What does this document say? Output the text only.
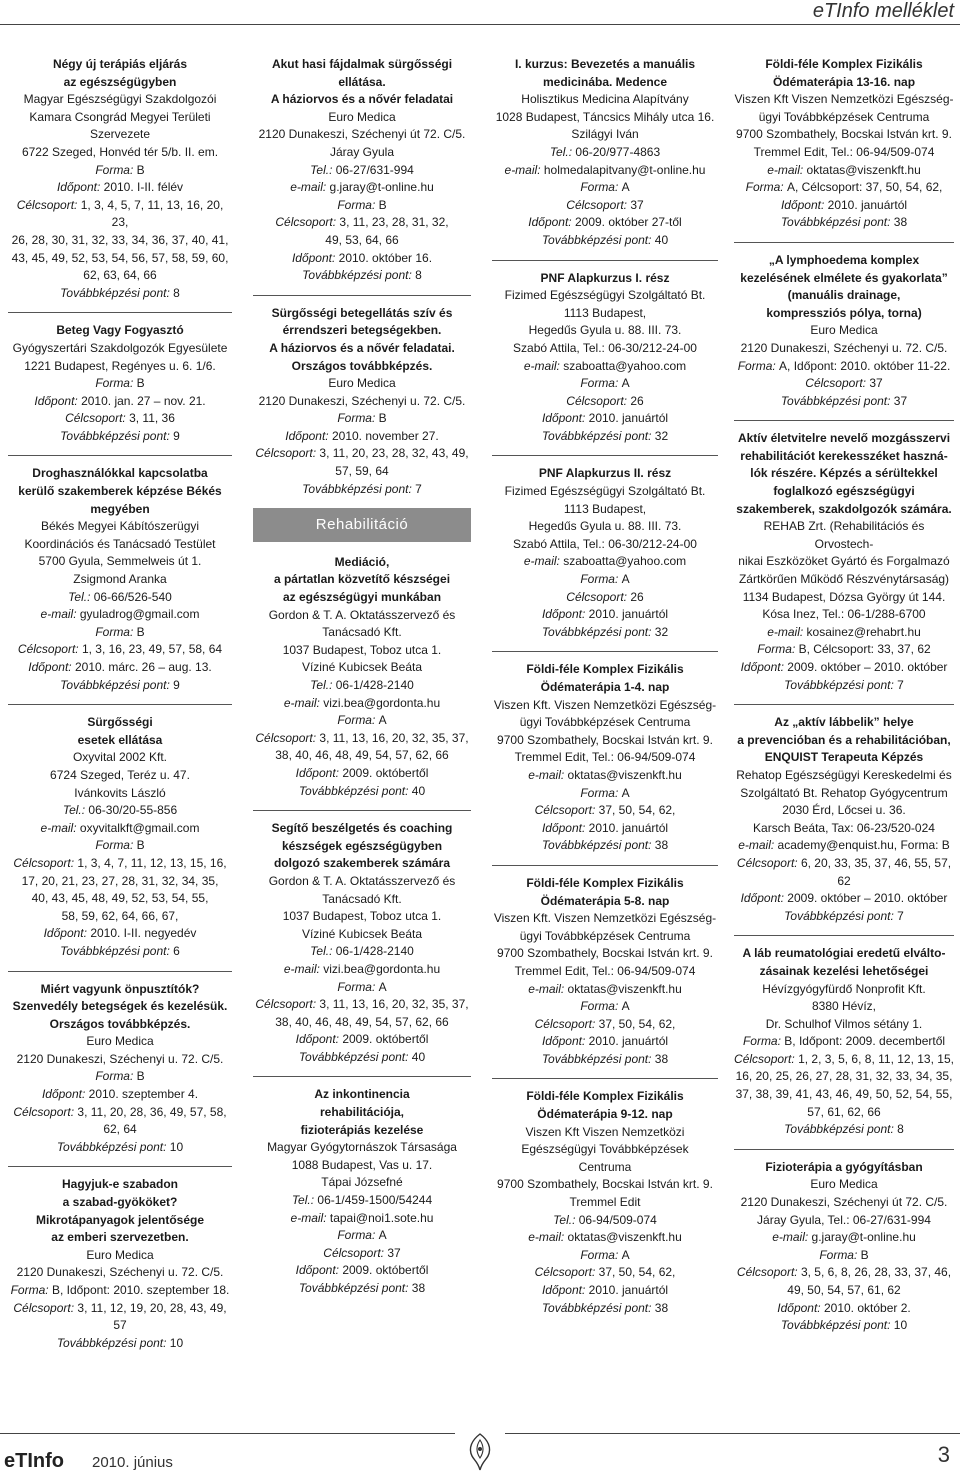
eTInfo melléklet
Négy új terápiás eljárás
az egészségügyben
Magyar Egészségügyi Szakdolgozói
Kamara Csongrád Megyei Területi
Szervezete
6722 Szeged, Honvéd tér 5/b. II. em.
Forma: B
Időpont: 2010. I-II. félév
Célcsoport: 1, 3, 4, 5, 7, 11, 13, 16, 20, 23,
26, 28, 30, 31, 32, 33, 34, 36, 37, 40, 41,
43, 45, 49, 52, 53, 54, 56, 57, 58, 59, 60,
62, 63, 64, 66
Továbbképzési pont: 8
Beteg Vagy Fogyasztó
Gyógyszertári Szakdolgozók Egyesülete
1221 Budapest, Regényes u. 6. 1/6.
Forma: B
Időpont: 2010. jan. 27 – nov. 21.
Célcsoport: 3, 11, 36
Továbbképzési pont: 9
Droghasználókkal kapcsolatba
kerülő szakemberek képzése Békés
megyében
Békés Megyei Kábítószerügyi
Koordinációs és Tanácsadó Testület
5700 Gyula, Semmelweis út 1.
Zsigmond Aranka
Tel.: 06-66/526-540
e-mail: gyuladrog@gmail.com
Forma: B
Célcsoport: 1, 3, 16, 23, 49, 57, 58, 64
Időpont: 2010. márc. 26 – aug. 13.
Továbbképzési pont: 9
Sürgősségi
esetek ellátása
Oxyvital 2002 Kft.
6724 Szeged, Teréz u. 47.
Ivánkovits László
Tel.: 06-30/20-55-856
e-mail: oxyvitalkft@gmail.com
Forma: B
Célcsoport: 1, 3, 4, 7, 11, 12, 13, 15, 16,
17, 20, 21, 23, 27, 28, 31, 32, 34, 35,
40, 43, 45, 48, 49, 52, 53, 54, 55,
58, 59, 62, 64, 66, 67,
Időpont: 2010. I-II. negyedév
Továbbképzési pont: 6
Miért vagyunk önpusztítók?
Szenvedély betegségek és kezelésük.
Országos továbbképzés.
Euro Medica
2120 Dunakeszi, Széchenyi u. 72. C/5.
Forma: B
Időpont: 2010. szeptember 4.
Célcsoport: 3, 11, 20, 28, 36, 49, 57, 58,
62, 64
Továbbképzési pont: 10
Hagyjuk-e szabadon
a szabad-gyököket?
Mikrotápanyagok jelentősége
az emberi szervezetben.
Euro Medica
2120 Dunakeszi, Széchenyi u. 72. C/5.
Forma: B, Időpont: 2010. szeptember 18.
Célcsoport: 3, 11, 12, 19, 20, 28, 43, 49, 57
Továbbképzési pont: 10
Akut hasi fájdalmak sürgősségi
ellátása.
A háziorvos és a nővér feladatai
Euro Medica
2120 Dunakeszi, Széchenyi út 72. C/5.
Járay Gyula
Tel.: 06-27/631-994
e-mail: g.jaray@t-online.hu
Forma: B
Célcsoport: 3, 11, 23, 28, 31, 32,
49, 53, 64, 66
Időpont: 2010. október 16.
Továbbképzési pont: 8
Sürgősségi betegellátás szív és
érrendszeri betegségekben.
A háziorvos és a nővér feladatai.
Országos továbbképzés.
Euro Medica
2120 Dunakeszi, Széchenyi u. 72. C/5.
Forma: B
Időpont: 2010. november 27.
Célcsoport: 3, 11, 20, 23, 28, 32, 43, 49,
57, 59, 64
Továbbképzési pont: 7
Rehabilitáció
Mediáció,
a pártatlan közvetítő készségei
az egészségügyi munkában
Gordon & T. A. Oktatásszervező és
Tanácsadó Kft.
1037 Budapest, Toboz utca 1.
Víziné Kubicsek Beáta
Tel.: 06-1/428-2140
e-mail: vizi.bea@gordonta.hu
Forma: A
Célcsoport: 3, 11, 13, 16, 20, 32, 35, 37,
38, 40, 46, 48, 49, 54, 57, 62, 66
Időpont: 2009. októbertől
Továbbképzési pont: 40
Segítő beszélgetés és coaching
készségek egészségügyben
dolgozó szakemberek számára
Gordon & T. A. Oktatásszervező és
Tanácsadó Kft.
1037 Budapest, Toboz utca 1.
Víziné Kubicsek Beáta
Tel.: 06-1/428-2140
e-mail: vizi.bea@gordonta.hu
Forma: A
Célcsoport: 3, 11, 13, 16, 20, 32, 35, 37,
38, 40, 46, 48, 49, 54, 57, 62, 66
Időpont: 2009. októbertől
Továbbképzési pont: 40
Az inkontinencia
rehabilitációja,
fizioterápiás kezelése
Magyar Gyógytornászok Társasága
1088 Budapest, Vas u. 17.
Tápai Józsefné
Tel.: 06-1/459-1500/54244
e-mail: tapai@noi1.sote.hu
Forma: A
Célcsoport: 37
Időpont: 2009. októbertől
Továbbképzési pont: 38
I. kurzus: Bevezetés a manuális
medicinába. Medence
Holisztikus Medicina Alapítvány
1028 Budapest, Táncsics Mihály utca 16.
Szilágyi Iván
Tel.: 06-20/977-4863
e-mail: holmedalapitvany@t-online.hu
Forma: A
Célcsoport: 37
Időpont: 2009. október 27-től
Továbbképzési pont: 40
PNF Alapkurzus I. rész
Fizimed Egészségügyi Szolgáltató Bt.
1113 Budapest,
Hegedűs Gyula u. 88. III. 73.
Szabó Attila, Tel.: 06-30/212-24-00
e-mail: szaboatta@yahoo.com
Forma: A
Célcsoport: 26
Időpont: 2010. januártól
Továbbképzési pont: 32
PNF Alapkurzus II. rész
Fizimed Egészségügyi Szolgáltató Bt.
1113 Budapest,
Hegedűs Gyula u. 88. III. 73.
Szabó Attila, Tel.: 06-30/212-24-00
e-mail: szaboatta@yahoo.com
Forma: A
Célcsoport: 26
Időpont: 2010. januártól
Továbbképzési pont: 32
Földi-féle Komplex Fizikális
Ödématerápia 1-4. nap
Viszen Kft. Viszen Nemzetközi Egészség-
ügyi Továbbképzések Centruma
9700 Szombathely, Bocskai István krt. 9.
Tremmel Edit, Tel.: 06-94/509-074
e-mail: oktatas@viszenkft.hu
Forma: A
Célcsoport: 37, 50, 54, 62,
Időpont: 2010. januártól
Továbbképzési pont: 38
Földi-féle Komplex Fizikális
Ödématerápia 5-8. nap
Viszen Kft. Viszen Nemzetközi Egészség-
ügyi Továbbképzések Centruma
9700 Szombathely, Bocskai István krt. 9.
Tremmel Edit, Tel.: 06-94/509-074
e-mail: oktatas@viszenkft.hu
Forma: A
Célcsoport: 37, 50, 54, 62,
Időpont: 2010. januártól
Továbbképzési pont: 38
Földi-féle Komplex Fizikális
Ödématerápia 9-12. nap
Viszen Kft Viszen Nemzetközi
Egészségügyi Továbbképzések
Centruma
9700 Szombathely, Bocskai István krt. 9.
Tremmel Edit
Tel.: 06-94/509-074
e-mail: oktatas@viszenkft.hu
Forma: A
Célcsoport: 37, 50, 54, 62,
Időpont: 2010. januártól
Továbbképzési pont: 38
Földi-féle Komplex Fizikális
Ödématerápia 13-16. nap
Viszen Kft Viszen Nemzetközi Egészség-
ügyi Továbbképzések Centruma
9700 Szombathely, Bocskai István krt. 9.
Tremmel Edit, Tel.: 06-94/509-074
e-mail: oktatas@viszenkft.hu
Forma: A, Célcsoport: 37, 50, 54, 62,
Időpont: 2010. januártól
Továbbképzési pont: 38
„A lymphoedema komplex
kezelésének elmélete és gyakorlata”
(manuális drainage,
kompressziós pólya, torna)
Euro Medica
2120 Dunakeszi, Széchenyi u. 72. C/5.
Forma: A, Időpont: 2010. október 11-22.
Célcsoport: 37
Továbbképzési pont: 37
Aktív életvitelre nevelő mozgásszervi
rehabilitációt kerekesszéket haszná-
lók részére. Képzés a sérültekkel
foglalkozó egészségügyi
szakemberek, szakdolgozók számára.
REHAB Zrt. (Rehabilitációs és Orvostech-
nikai Eszközöket Gyártó és Forgalmazó
Zártkörűen Működő Részvénytársaság)
1134 Budapest, Dózsa György út 144.
Kósa Inez, Tel.: 06-1/288-6700
e-mail: kosainez@rehabrt.hu
Forma: B, Célcsoport: 33, 37, 62
Időpont: 2009. október – 2010. október
Továbbképzési pont: 7
Az „aktív lábbelik” helye
a prevencióban és a rehabilitációban,
ENQUIST Terapeuta Képzés
Rehatop Egészségügyi Kereskedelmi és
Szolgáltató Bt. Rehatop Gyógycentrum
2030 Érd, Lőcsei u. 36.
Karsch Beáta, Tax: 06-23/520-024
e-mail: academy@enquist.hu, Forma: B
Célcsoport: 6, 20, 33, 35, 37, 46, 55, 57, 62
Időpont: 2009. október – 2010. október
Továbbképzési pont: 7
A láb reumatológiai eredetű elválto-
zásainak kezelési lehetőségei
Hévízgyógyfürdő Nonprofit Kft.
8380 Hévíz,
Dr. Schulhof Vilmos sétány 1.
Forma: B, Időpont: 2009. decembertől
Célcsoport: 1, 2, 3, 5, 6, 8, 11, 12, 13, 15,
16, 20, 25, 26, 27, 28, 31, 32, 33, 34, 35,
37, 38, 39, 41, 43, 46, 49, 50, 52, 54, 55,
57, 61, 62, 66
Továbbképzési pont: 8
Fizioterápia a gyógyításban
Euro Medica
2120 Dunakeszi, Széchenyi út 72. C/5.
Járay Gyula, Tel.: 06-27/631-994
e-mail: g.jaray@t-online.hu
Forma: B
Célcsoport: 3, 5, 6, 8, 26, 28, 33, 37, 46,
49, 50, 54, 57, 61, 62
Időpont: 2010. október 2.
Továbbképzési pont: 10
eTInfo 2010. június	3
